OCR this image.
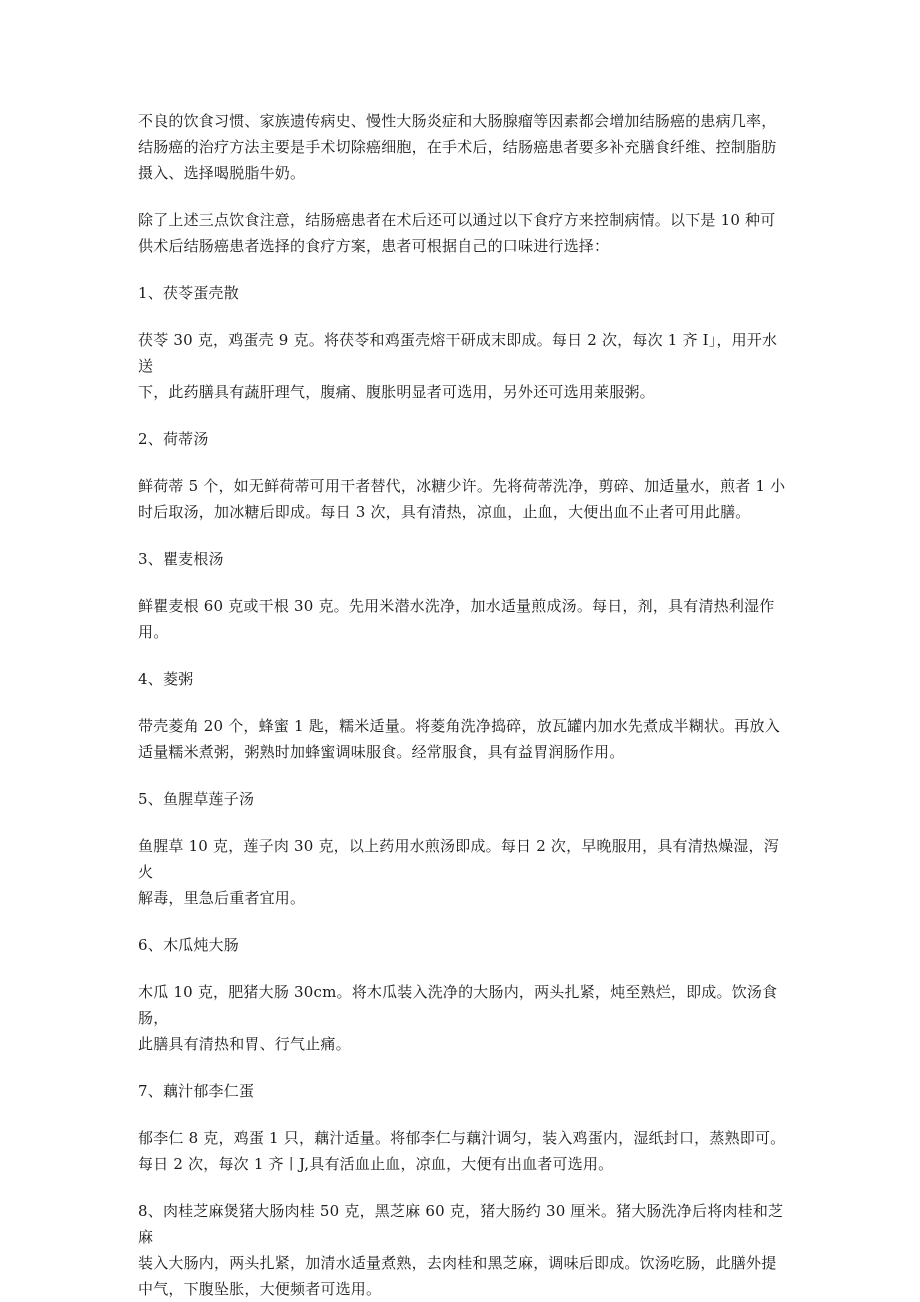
不良的饮食习惯、家族遗传病史、慢性大肠炎症和大肠腺瘤等因素都会增加结肠癌的患病几率，

结肠癌的治疗方法主要是手术切除癌细胞，在手术后，结肠癌患者要多补充膳食纤维、控制脂肪

摄入、选择喝脱脂牛奶。

除了上述三点饮食注意，结肠癌患者在术后还可以通过以下食疗方来控制病情。以下是 10 种可

供术后结肠癌患者选择的食疗方案，患者可根据自己的口味进行选择：

1、茯苓蛋壳散

茯苓 30 克，鸡蛋壳 9 克。将茯苓和鸡蛋壳熔干研成末即成。每日 2 次，每次 1 齐 I」，用开水送

下，此药膳具有蔬肝理气，腹痛、腹胀明显者可选用，另外还可选用莱服粥。

2、荷蒂汤

鲜荷蒂 5 个，如无鲜荷蒂可用干者替代，冰糖少许。先将荷蒂洗净，剪碎、加适量水，煎者 1 小

时后取汤，加冰糖后即成。每日 3 次，具有清热，凉血，止血，大便出血不止者可用此膳。

3、瞿麦根汤

鲜瞿麦根 60 克或干根 30 克。先用米潜水洗净，加水适量煎成汤。每日，剂，具有清热利湿作用。

4、菱粥

带壳菱角 20 个，蜂蜜 1 匙，糯米适量。将菱角洗净捣碎，放瓦罐内加水先煮成半糊状。再放入

适量糯米煮粥，粥熟时加蜂蜜调味服食。经常服食，具有益胃润肠作用。

5、鱼腥草莲子汤

鱼腥草 10 克，莲子肉 30 克，以上药用水煎汤即成。每日 2 次，早晚服用，具有清热燥湿，泻火

解毒，里急后重者宜用。

6、木瓜炖大肠

木瓜 10 克，肥猪大肠 30cm。将木瓜装入洗净的大肠内，两头扎紧，炖至熟烂，即成。饮汤食肠，

此膳具有清热和胃、行气止痛。

7、藕汁郁李仁蛋

郁李仁 8 克，鸡蛋 1 只，藕汁适量。将郁李仁与藕汁调匀，装入鸡蛋内，湿纸封口，蒸熟即可。

每日 2 次，每次 1 齐丨J,具有活血止血，凉血，大便有出血者可选用。

8、肉桂芝麻煲猪大肠肉桂 50 克，黑芝麻 60 克，猪大肠约 30 厘米。猪大肠洗净后将肉桂和芝麻

装入大肠内，两头扎紧，加清水适量煮熟，去肉桂和黑芝麻，调味后即成。饮汤吃肠，此膳外提

中气，下腹坠胀，大便频者可选用。
